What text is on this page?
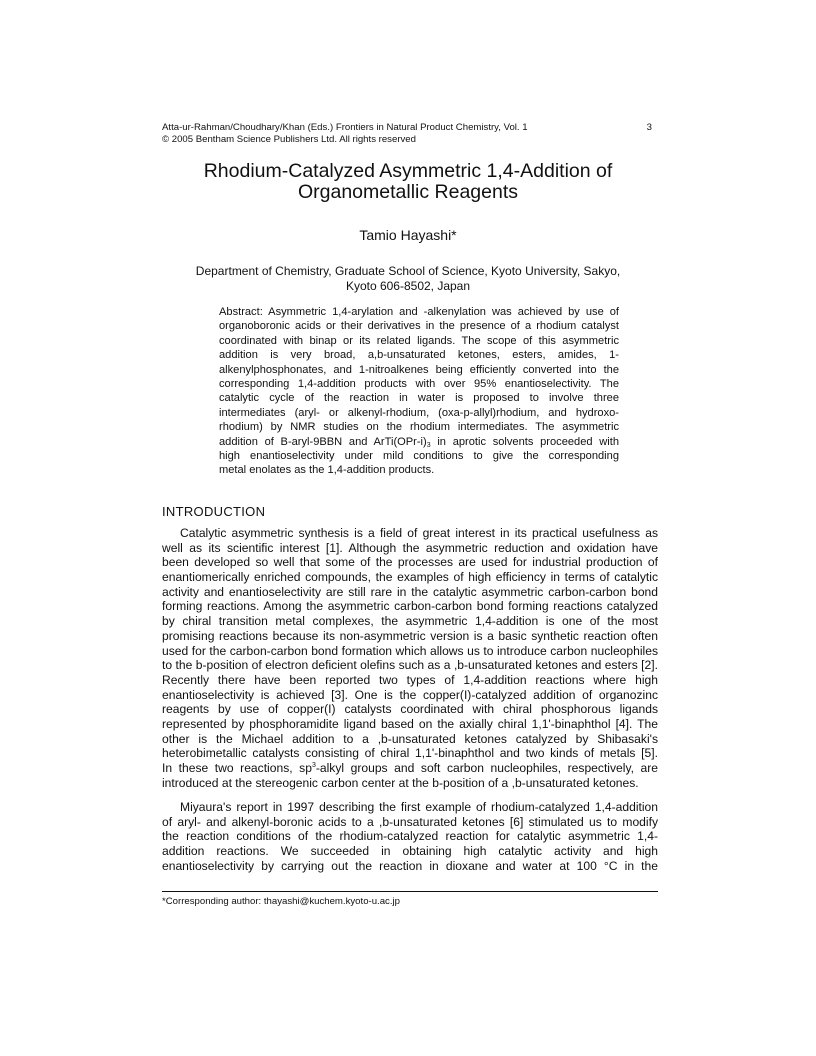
Atta-ur-Rahman/Choudhary/Khan (Eds.) Frontiers in Natural Product Chemistry, Vol. 1
© 2005 Bentham Science Publishers Ltd. All rights reserved
3
Rhodium-Catalyzed Asymmetric 1,4-Addition of
Organometallic Reagents
Tamio Hayashi*
Department of Chemistry, Graduate School of Science, Kyoto University, Sakyo,
Kyoto 606-8502, Japan
Abstract: Asymmetric 1,4-arylation and -alkenylation was achieved by use of
organoboronic acids or their derivatives in the presence of a rhodium catalyst
coordinated with binap or its related ligands. The scope of this asymmetric
addition is very broad, a,b-unsaturated ketones, esters, amides, 1-
alkenylphosphonates, and 1-nitroalkenes being efficiently converted into the
corresponding 1,4-addition products with over 95% enantioselectivity. The
catalytic cycle of the reaction in water is proposed to involve three
intermediates (aryl- or alkenyl-rhodium, (oxa-p-allyl)rhodium, and hydroxo-
rhodium) by NMR studies on the rhodium intermediates. The asymmetric
addition of B-aryl-9BBN and $ArTi(OPr-i)_3$ in aprotic solvents proceeded with
high enantioselectivity under mild conditions to give the corresponding
metal enolates as the 1,4-addition products.
INTRODUCTION
Catalytic asymmetric synthesis is a field of great interest in its practical usefulness as
well as its scientific interest [1]. Although the asymmetric reduction and oxidation have
been developed so well that some of the processes are used for industrial production of
enantiomerically enriched compounds, the examples of high efficiency in terms of catalytic
activity and enantioselectivity are still rare in the catalytic asymmetric carbon-carbon bond
forming reactions. Among the asymmetric carbon-carbon bond forming reactions catalyzed
by chiral transition metal complexes, the asymmetric 1,4-addition is one of the most
promising reactions because its non-asymmetric version is a basic synthetic reaction often
used for the carbon-carbon bond formation which allows us to introduce carbon nucleophiles
to the b-position of electron deficient olefins such as a ,b-unsaturated ketones and esters [2].
Recently there have been reported two types of 1,4-addition reactions where high
enantioselectivity is achieved [3]. One is the copper(I)-catalyzed addition of organozinc
reagents by use of copper(I) catalysts coordinated with chiral phosphorous ligands
represented by phosphoramidite ligand based on the axially chiral 1,1'-binaphthol [4]. The
other is the Michael addition to a ,b-unsaturated ketones catalyzed by Shibasaki's
heterobimetallic catalysts consisting of chiral 1,1'-binaphthol and two kinds of metals [5].
In these two reactions, $sp^3$-alkyl groups and soft carbon nucleophiles, respectively, are
introduced at the stereogenic carbon center at the b-position of a ,b-unsaturated ketones.
Miyaura's report in 1997 describing the first example of rhodium-catalyzed 1,4-addition
of aryl- and alkenyl-boronic acids to a ,b-unsaturated ketones [6] stimulated us to modify
the reaction conditions of the rhodium-catalyzed reaction for catalytic asymmetric 1,4-
addition reactions. We succeeded in obtaining high catalytic activity and high
enantioselectivity by carrying out the reaction in dioxane and water at 100 °C in the
*Corresponding author: thayashi@kuchem.kyoto-u.ac.jp
